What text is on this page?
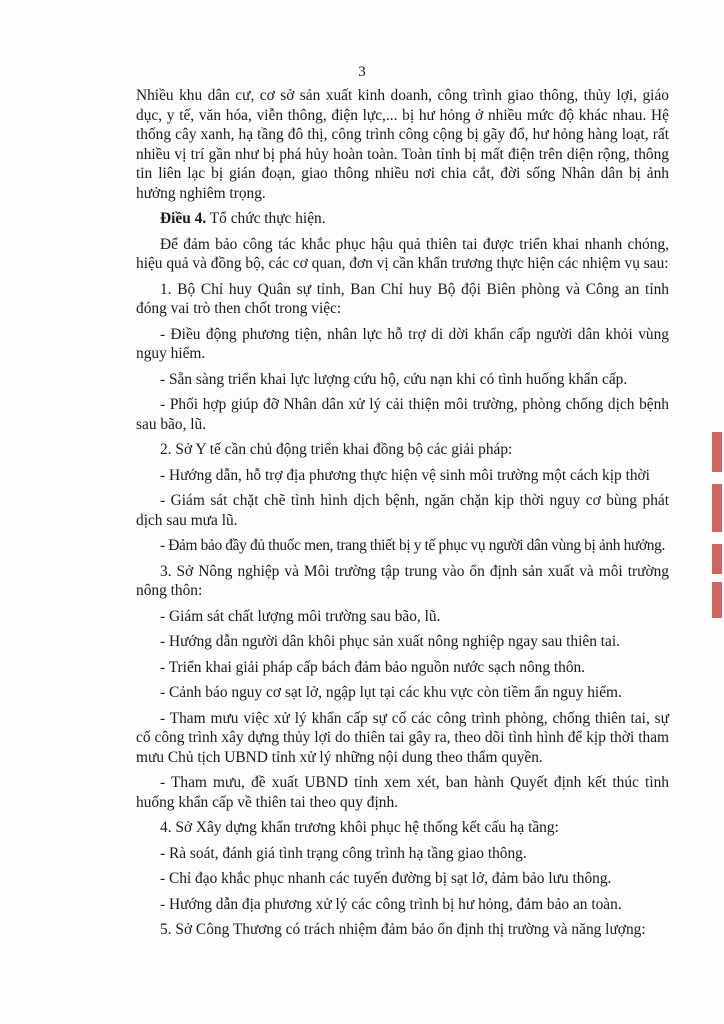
3

Nhiều khu dân cư, cơ sở sản xuất kinh doanh, công trình giao thông, thủy lợi, giáo dục, y tế, văn hóa, viễn thông, điện lực,... bị hư hỏng ở nhiều mức độ khác nhau. Hệ thống cây xanh, hạ tầng đô thị, công trình công cộng bị gãy đổ, hư hỏng hàng loạt, rất nhiều vị trí gần như bị phá hủy hoàn toàn. Toàn tỉnh bị mất điện trên diện rộng, thông tin liên lạc bị gián đoạn, giao thông nhiều nơi chia cắt, đời sống Nhân dân bị ảnh hưởng nghiêm trọng.

Điều 4. Tổ chức thực hiện.

Để đảm bảo công tác khắc phục hậu quả thiên tai được triển khai nhanh chóng, hiệu quả và đồng bộ, các cơ quan, đơn vị cần khẩn trương thực hiện các nhiệm vụ sau:

1. Bộ Chỉ huy Quân sự tỉnh, Ban Chỉ huy Bộ đội Biên phòng và Công an tỉnh đóng vai trò then chốt trong việc:

- Điều động phương tiện, nhân lực hỗ trợ di dời khẩn cấp người dân khỏi vùng nguy hiểm.

- Sẵn sàng triển khai lực lượng cứu hộ, cứu nạn khi có tình huống khẩn cấp.

- Phối hợp giúp đỡ Nhân dân xử lý cải thiện môi trường, phòng chống dịch bệnh sau bão, lũ.

2. Sở Y tế cần chủ động triển khai đồng bộ các giải pháp:

- Hướng dẫn, hỗ trợ địa phương thực hiện vệ sinh môi trường một cách kịp thời

- Giám sát chặt chẽ tình hình dịch bệnh, ngăn chặn kịp thời nguy cơ bùng phát dịch sau mưa lũ.

- Đảm bảo đầy đủ thuốc men, trang thiết bị y tế phục vụ người dân vùng bị ảnh hưởng.

3. Sở Nông nghiệp và Môi trường tập trung vào ổn định sản xuất và môi trường nông thôn:

- Giám sát chất lượng môi trường sau bão, lũ.

- Hướng dẫn người dân khôi phục sản xuất nông nghiệp ngay sau thiên tai.

- Triển khai giải pháp cấp bách đảm bảo nguồn nước sạch nông thôn.

- Cảnh báo nguy cơ sạt lở, ngập lụt tại các khu vực còn tiềm ẩn nguy hiểm.

- Tham mưu việc xử lý khẩn cấp sự cố các công trình phòng, chống thiên tai, sự cố công trình xây dựng thủy lợi do thiên tai gây ra, theo dõi tình hình để kịp thời tham mưu Chủ tịch UBND tỉnh xử lý những nội dung theo thẩm quyền.

- Tham mưu, đề xuất UBND tỉnh xem xét, ban hành Quyết định kết thúc tình huống khẩn cấp về thiên tai theo quy định.

4. Sở Xây dựng khẩn trương khôi phục hệ thống kết cấu hạ tầng:

- Rà soát, đánh giá tình trạng công trình hạ tầng giao thông.

- Chỉ đạo khắc phục nhanh các tuyến đường bị sạt lở, đảm bảo lưu thông.

- Hướng dẫn địa phương xử lý các công trình bị hư hỏng, đảm bảo an toàn.

5. Sở Công Thương có trách nhiệm đảm bảo ổn định thị trường và năng lượng:
